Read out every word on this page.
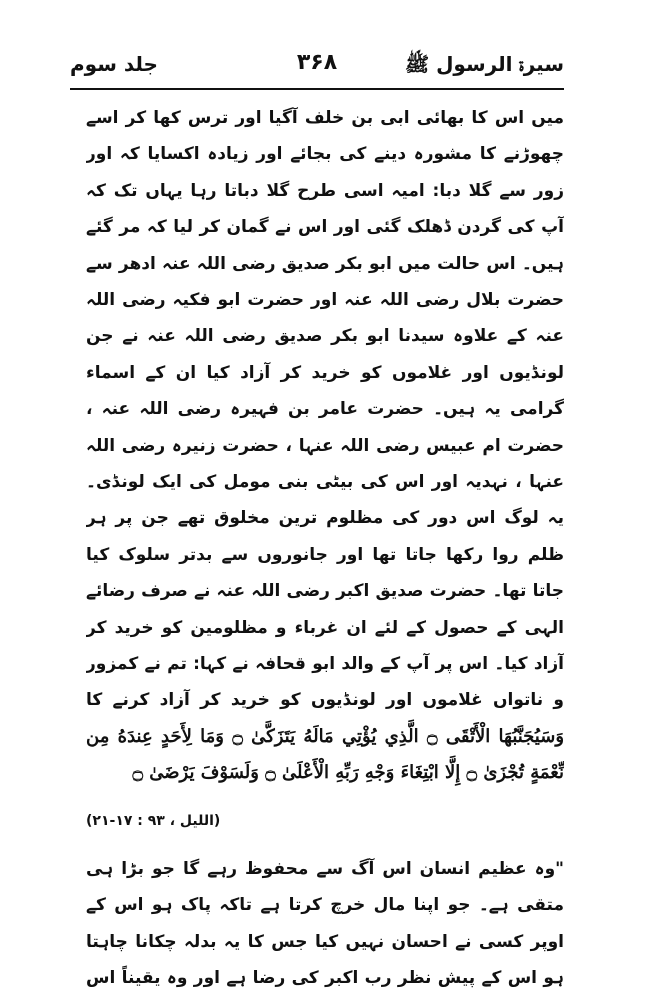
سیرۃ الرسول ﷺ
۳۶۸
جلد سوم

میں اس کا بھائی ابی بن خلف آگیا اور ترس کھا کر اسے چھوڑنے کا مشورہ دینے کی بجائے اور زیادہ اکسایا کہ اور زور سے گلا دبا: امیہ اسی طرح گلا دباتا رہا یہاں تک کہ آپ کی گردن ڈھلک گئی اور اس نے گمان کر لیا کہ مر گئے ہیں۔ اس حالت میں ابو بکر صدیق رضی اللہ عنہ ادھر سے

حضرت بلال رضی اللہ عنہ اور حضرت ابو فکیہ رضی اللہ عنہ کے علاوہ سیدنا ابو بکر صدیق رضی اللہ عنہ نے جن لونڈیوں اور غلاموں کو خرید کر آزاد کیا ان کے اسماء گرامی یہ ہیں۔ حضرت عامر بن فہیرہ رضی اللہ عنہ ، حضرت ام عبیس رضی اللہ عنہا ، حضرت زنیرہ رضی اللہ عنہا ، نہدیہ اور اس کی بیٹی بنی مومل کی ایک لونڈی۔ یہ لوگ اس دور کی مظلوم ترین مخلوق تھے جن پر ہر ظلم روا رکھا جاتا تھا اور جانوروں سے بدتر سلوک کیا جاتا تھا۔ حضرت صدیق اکبر رضی اللہ عنہ نے صرف رضائے الہی کے حصول کے لئے ان غرباء و مظلومین کو خرید کر آزاد کیا۔ اس پر آپ کے والد ابو قحافہ نے کہا: تم نے کمزور و ناتواں غلاموں اور لونڈیوں کو خرید کر آزاد کرنے کا

وَسَيُجَنَّبُهَا الْأَتْقَى ۝ الَّذِي يُؤْتِي مَالَهُ يَتَزَكَّىٰ ۝ وَمَا لِأَحَدٍ عِندَهُ مِن نِّعْمَةٍ تُجْزَىٰ ۝ إِلَّا ابْتِغَاءَ وَجْهِ رَبِّهِ الْأَعْلَىٰ ۝ وَلَسَوْفَ يَرْضَىٰ ۝

(اللیل ، ۹۳ : ۱۷-۲۱)

"وہ عظیم انسان اس آگ سے محفوظ رہے گا جو بڑا ہی متقی ہے۔ جو اپنا مال خرچ کرتا ہے تاکہ پاک ہو اس کے اوپر کسی نے احسان نہیں کیا جس کا یہ بدلہ چکانا چاہتا ہو اس کے پیش نظر رب اکبر کی رضا ہے اور وہ یقیناً اس
